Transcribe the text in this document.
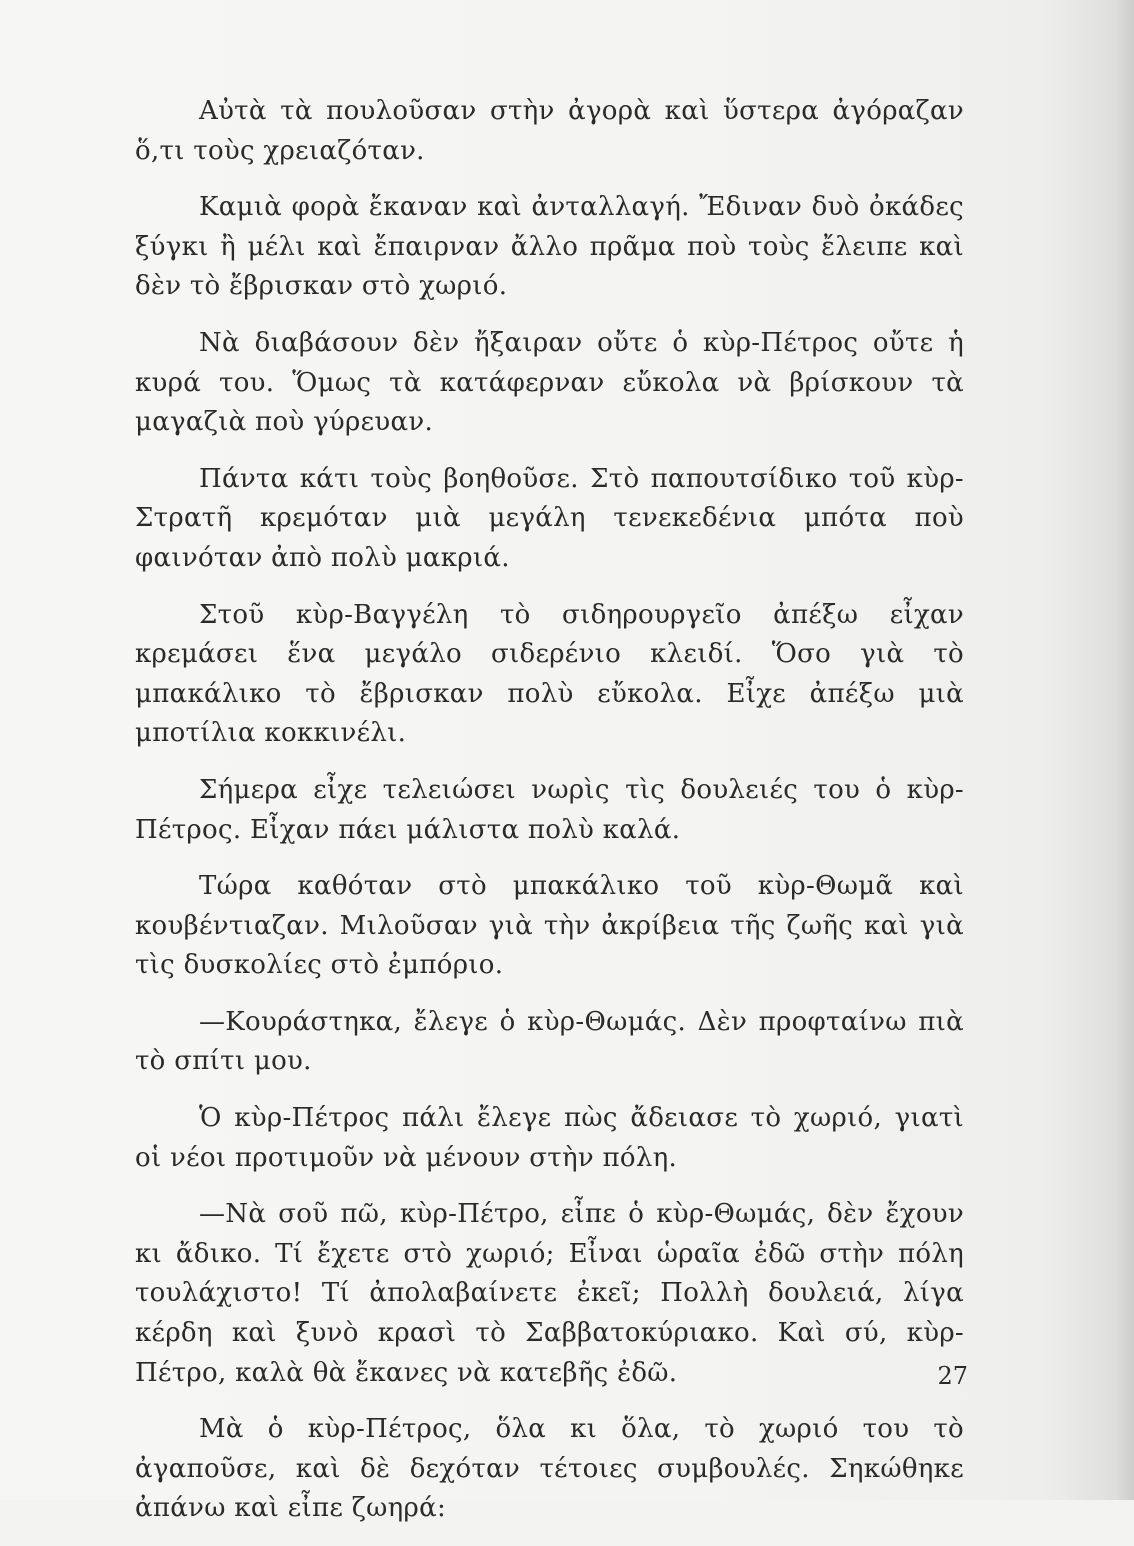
Αὐτὰ τὰ πουλοῦσαν στὴν ἀγορὰ καὶ ὕστερα ἀγόραζαν ὅ,τι τοὺς χρειαζόταν.

Καμιὰ φορὰ ἔκαναν καὶ ἀνταλλαγή. Ἔδιναν δυὸ ὀκάδες ξύγκι ἢ μέλι καὶ ἔπαιρναν ἄλλο πρᾶμα ποὺ τοὺς ἔλειπε καὶ δὲν τὸ ἔβρισκαν στὸ χωριό.

Νὰ διαβάσουν δὲν ἤξαιραν οὔτε ὁ κὺρ-Πέτρος οὔτε ἡ κυρά του. Ὅμως τὰ κατάφερναν εὔκολα νὰ βρίσκουν τὰ μαγαζιὰ ποὺ γύρευαν.

Πάντα κάτι τοὺς βοηθοῦσε. Στὸ παπουτσίδικο τοῦ κὺρ-Στρατῆ κρεμόταν μιὰ μεγάλη τενεκεδένια μπότα ποὺ φαινόταν ἀπὸ πολὺ μακριά.

Στοῦ κὺρ-Βαγγέλη τὸ σιδηρουργεῖο ἀπέξω εἶχαν κρεμάσει ἕνα μεγάλο σιδερένιο κλειδί. Ὅσο γιὰ τὸ μπακάλικο τὸ ἔβρισκαν πολὺ εὔκολα. Εἶχε ἀπέξω μιὰ μποτίλια κοκκινέλι.

Σήμερα εἶχε τελειώσει νωρὶς τὶς δουλειές του ὁ κὺρ-Πέτρος. Εἶχαν πάει μάλιστα πολὺ καλά.

Τώρα καθόταν στὸ μπακάλικο τοῦ κὺρ-Θωμᾶ καὶ κουβέντιαζαν. Μιλοῦσαν γιὰ τὴν ἀκρίβεια τῆς ζωῆς καὶ γιὰ τὶς δυσκολίες στὸ ἐμπόριο.

—Κουράστηκα, ἔλεγε ὁ κὺρ-Θωμάς. Δὲν προφταίνω πιὰ τὸ σπίτι μου.

Ὁ κὺρ-Πέτρος πάλι ἔλεγε πὼς ἄδειασε τὸ χωριό, γιατὶ οἱ νέοι προτιμοῦν νὰ μένουν στὴν πόλη.

—Νὰ σοῦ πῶ, κὺρ-Πέτρο, εἶπε ὁ κὺρ-Θωμάς, δὲν ἔχουν κι ἄδικο. Τί ἔχετε στὸ χωριό; Εἶναι ὡραῖα ἐδῶ στὴν πόλη τουλάχιστο! Τί ἀπολαβαίνετε ἐκεῖ; Πολλὴ δουλειά, λίγα κέρδη καὶ ξυνὸ κρασὶ τὸ Σαββατοκύριακο. Καὶ σύ, κὺρ-Πέτρο, καλὰ θὰ ἔκανες νὰ κατεβῆς ἐδῶ.

Μὰ ὁ κὺρ-Πέτρος, ὅλα κι ὅλα, τὸ χωριό του τὸ ἀγαποῦσε, καὶ δὲ δεχόταν τέτοιες συμβουλές. Σηκώθηκε ἀπάνω καὶ εἶπε ζωηρά:

27
